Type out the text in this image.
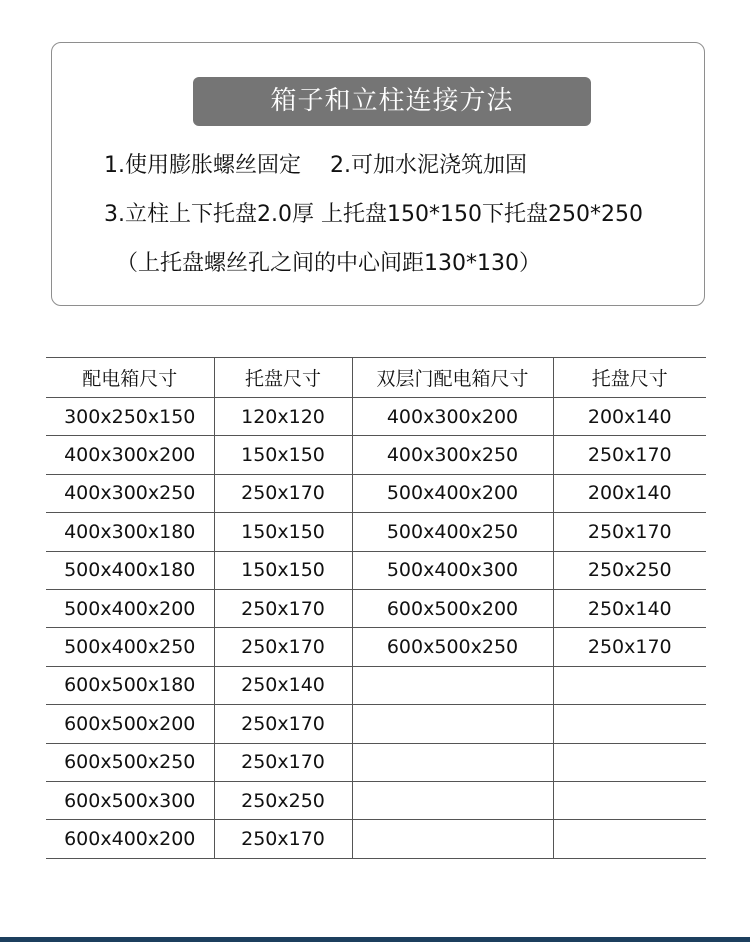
箱子和立柱连接方法
1.使用膨胀螺丝固定　 2.可加水泥浇筑加固
3.立柱上下托盘2.0厚 上托盘150*150下托盘250*250
（上托盘螺丝孔之间的中心间距130*130）
配电箱尺寸	托盘尺寸	双层门配电箱尺寸	托盘尺寸
300x250x150	120x120	400x300x200	200x140
400x300x200	150x150	400x300x250	250x170
400x300x250	250x170	500x400x200	200x140
400x300x180	150x150	500x400x250	250x170
500x400x180	150x150	500x400x300	250x250
500x400x200	250x170	600x500x200	250x140
500x400x250	250x170	600x500x250	250x170
600x500x180	250x140		
600x500x200	250x170		
600x500x250	250x170		
600x500x300	250x250		
600x400x200	250x170		
